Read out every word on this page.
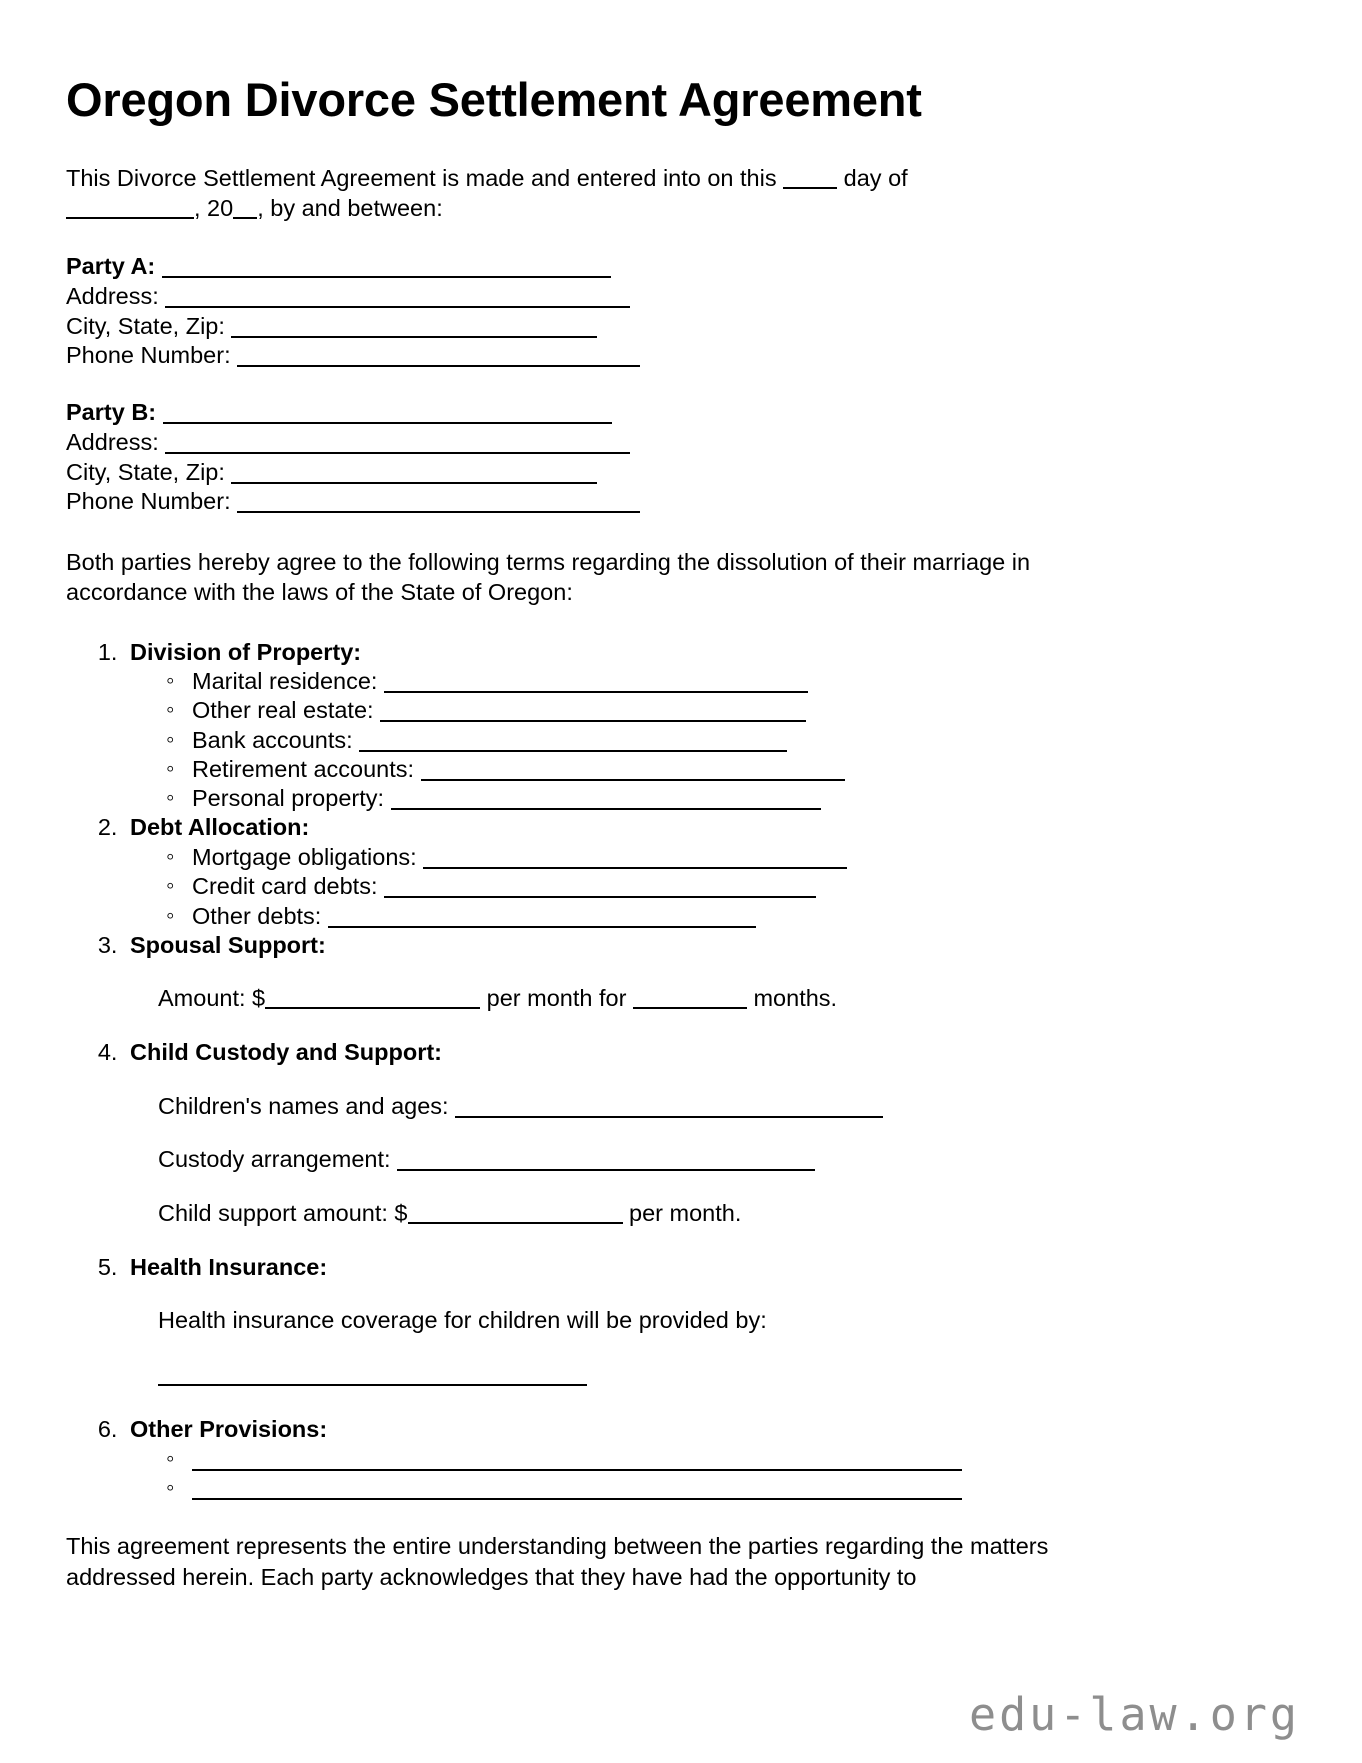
Oregon Divorce Settlement Agreement

This Divorce Settlement Agreement is made and entered into on this	day of
, 20 , by and between:

Party A:
Address:
City, State, Zip:
Phone Number:
Party B:
Address:
City, State, Zip:
Phone Number:

Both parties hereby agree to the following terms regarding the dissolution of their marriage in accordance with the laws of the State of Oregon:

1. Division of Property:
◦ Marital residence:
◦ Other real estate:
◦ Bank accounts:
◦ Retirement accounts:
◦ Personal property:
2. Debt Allocation:
◦ Mortgage obligations:
◦ Credit card debts:
◦ Other debts:
3. Spousal Support:
Amount: $	per month for	months.
4. Child Custody and Support:
Children's names and ages:
Custody arrangement:
Child support amount: $	per month.
5. Health Insurance:
Health insurance coverage for children will be provided by:
6. Other Provisions:
◦
◦

This agreement represents the entire understanding between the parties regarding the matters addressed herein. Each party acknowledges that they have had the opportunity to

edu-law.org
